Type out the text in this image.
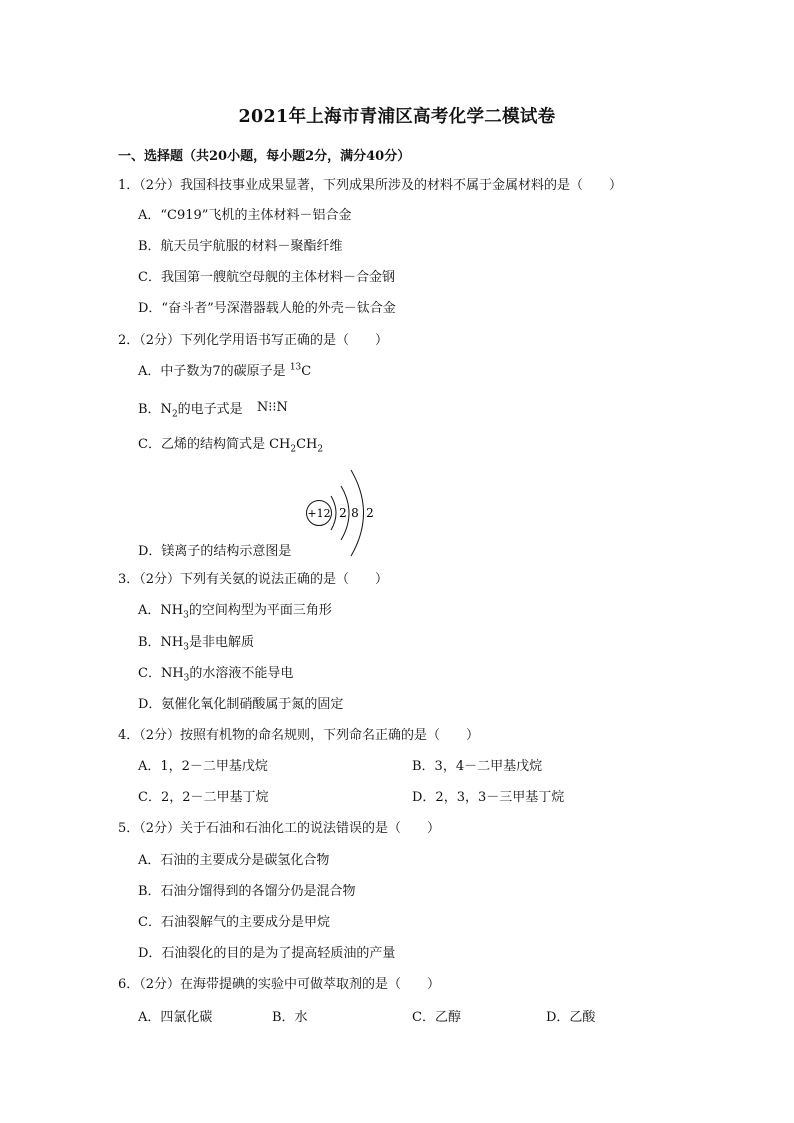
2021年上海市青浦区高考化学二模试卷
一、选择题（共20小题，每小题2分，满分40分）
1．（2分）我国科技事业成果显著，下列成果所涉及的材料不属于金属材料的是（　　）
A．“C919”飞机的主体材料－铝合金
B．航天员宇航服的材料－聚酯纤维
C．我国第一艘航空母舰的主体材料－合金钢
D．“奋斗者”号深潜器载人舱的外壳－钛合金
2．（2分）下列化学用语书写正确的是（　　）
A．中子数为7的碳原子是 $^{13}$C
B．$N_2$的电子式是 N⁝⁝N
C．乙烯的结构简式是 $CH_2CH_2$
+12 2 8 2
D．镁离子的结构示意图是
3．（2分）下列有关氨的说法正确的是（　　）
A．$NH_3$的空间构型为平面三角形
B．$NH_3$是非电解质
C．$NH_3$的水溶液不能导电
D．氨催化氧化制硝酸属于氮的固定
4．（2分）按照有机物的命名规则，下列命名正确的是（　　）
A．1，2－二甲基戊烷	B．3，4－二甲基戊烷
C．2，2－二甲基丁烷	D．2，3，3－三甲基丁烷
5．（2分）关于石油和石油化工的说法错误的是（　　）
A．石油的主要成分是碳氢化合物
B．石油分馏得到的各馏分仍是混合物
C．石油裂解气的主要成分是甲烷
D．石油裂化的目的是为了提高轻质油的产量
6．（2分）在海带提碘的实验中可做萃取剂的是（　　）
A．四氯化碳	B．水	C．乙醇	D．乙酸
